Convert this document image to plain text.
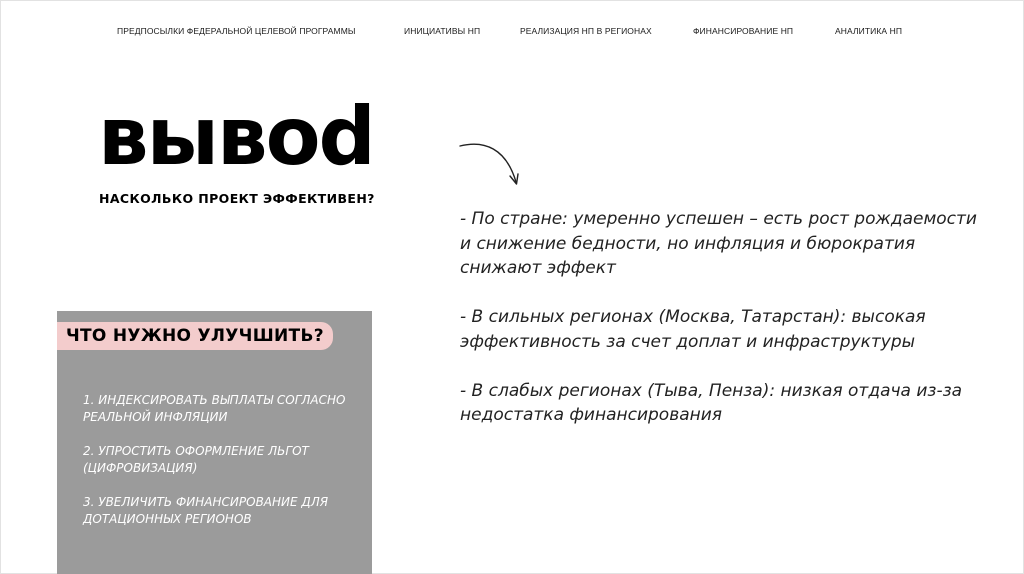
ПРЕДПОСЫЛКИ ФЕДЕРАЛЬНОЙ ЦЕЛЕВОЙ ПРОГРАММЫ	ИНИЦИАТИВЫ НП	РЕАЛИЗАЦИЯ НП В РЕГИОНАХ	ФИНАНСИРОВАНИЕ НП	АНАЛИТИКА НП
вывоd
НАСКОЛЬКО ПРОЕКТ ЭФФЕКТИВЕН?

- По стране: умеренно успешен – есть рост рождаемости и снижение бедности, но инфляция и бюрократия снижают эффект

- В сильных регионах (Москва, Татарстан): высокая эффективность за счет доплат и инфраструктуры

- В слабых регионах (Тыва, Пенза): низкая отдача из-за недостатка финансирования

ЧТО НУЖНО УЛУЧШИТЬ?
1. ИНДЕКСИРОВАТЬ ВЫПЛАТЫ СОГЛАСНО РЕАЛЬНОЙ ИНФЛЯЦИИ
2. УПРОСТИТЬ ОФОРМЛЕНИЕ ЛЬГОТ (ЦИФРОВИЗАЦИЯ)
3. УВЕЛИЧИТЬ ФИНАНСИРОВАНИЕ ДЛЯ ДОТАЦИОННЫХ РЕГИОНОВ
